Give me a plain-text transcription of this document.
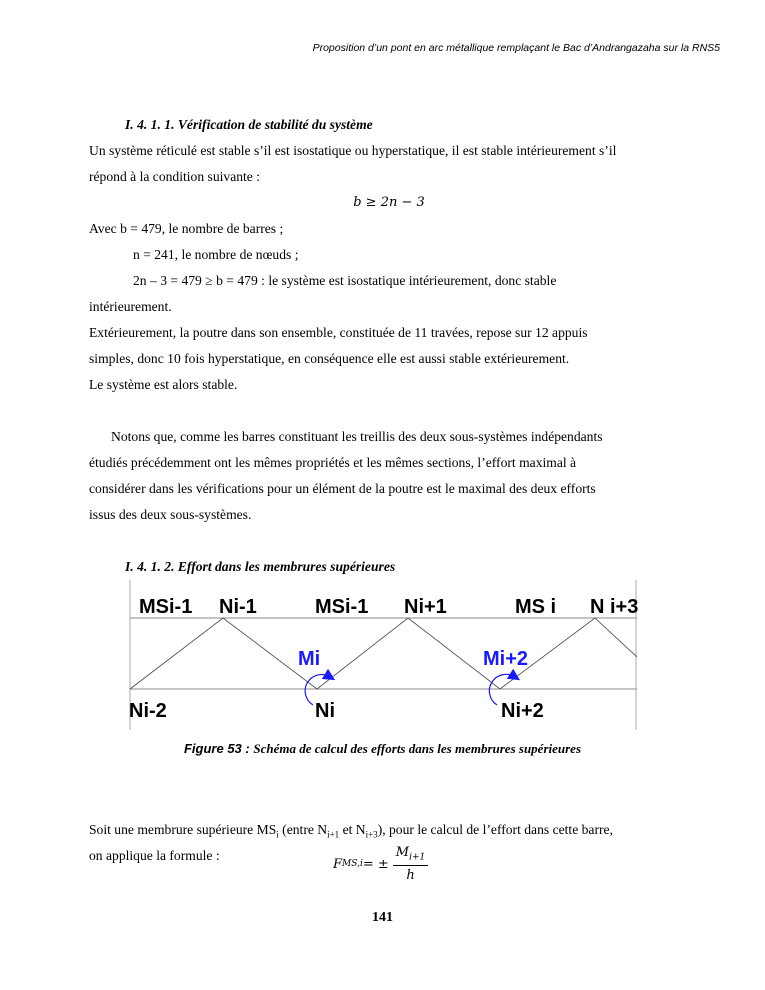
Proposition d’un pont en arc métallique remplaçant le Bac d’Andrangazaha sur la RNS5
I. 4. 1. 1. Vérification de stabilité du système
Un système réticulé est stable s’il est isostatique ou hyperstatique, il est stable intérieurement s’il
répond à la condition suivante :
b ≥ 2n − 3
Avec b = 479, le nombre de barres ;
n = 241, le nombre de nœuds ;
2n – 3 = 479 ≥ b = 479 : le système est isostatique intérieurement, donc stable
intérieurement.
Extérieurement, la poutre dans son ensemble, constituée de 11 travées, repose sur 12 appuis
simples, donc 10 fois hyperstatique, en conséquence elle est aussi stable extérieurement.
Le système est alors stable.
Notons que, comme les barres constituant les treillis des deux sous-systèmes indépendants
étudiés précédemment ont les mêmes propriétés et les mêmes sections, l’effort maximal à
considérer dans les vérifications pour un élément de la poutre est le maximal des deux efforts
issus des deux sous-systèmes.
I. 4. 1. 2. Effort dans les membrures supérieures
MSi-1 Ni-1	MSi-1 Ni+1	MS i N i+3
Mi	Mi+2
Ni-2	Ni	Ni+2
Figure 53 : Schéma de calcul des efforts dans les membrures supérieures
Soit une membrure supérieure $MS_i$ (entre $N_{i+1}$ et $N_{i+3}$), pour le calcul de l’effort dans cette barre,
on applique la formule :
F MS,i = ± $\frac{M_{i+1}}{h}$
141
